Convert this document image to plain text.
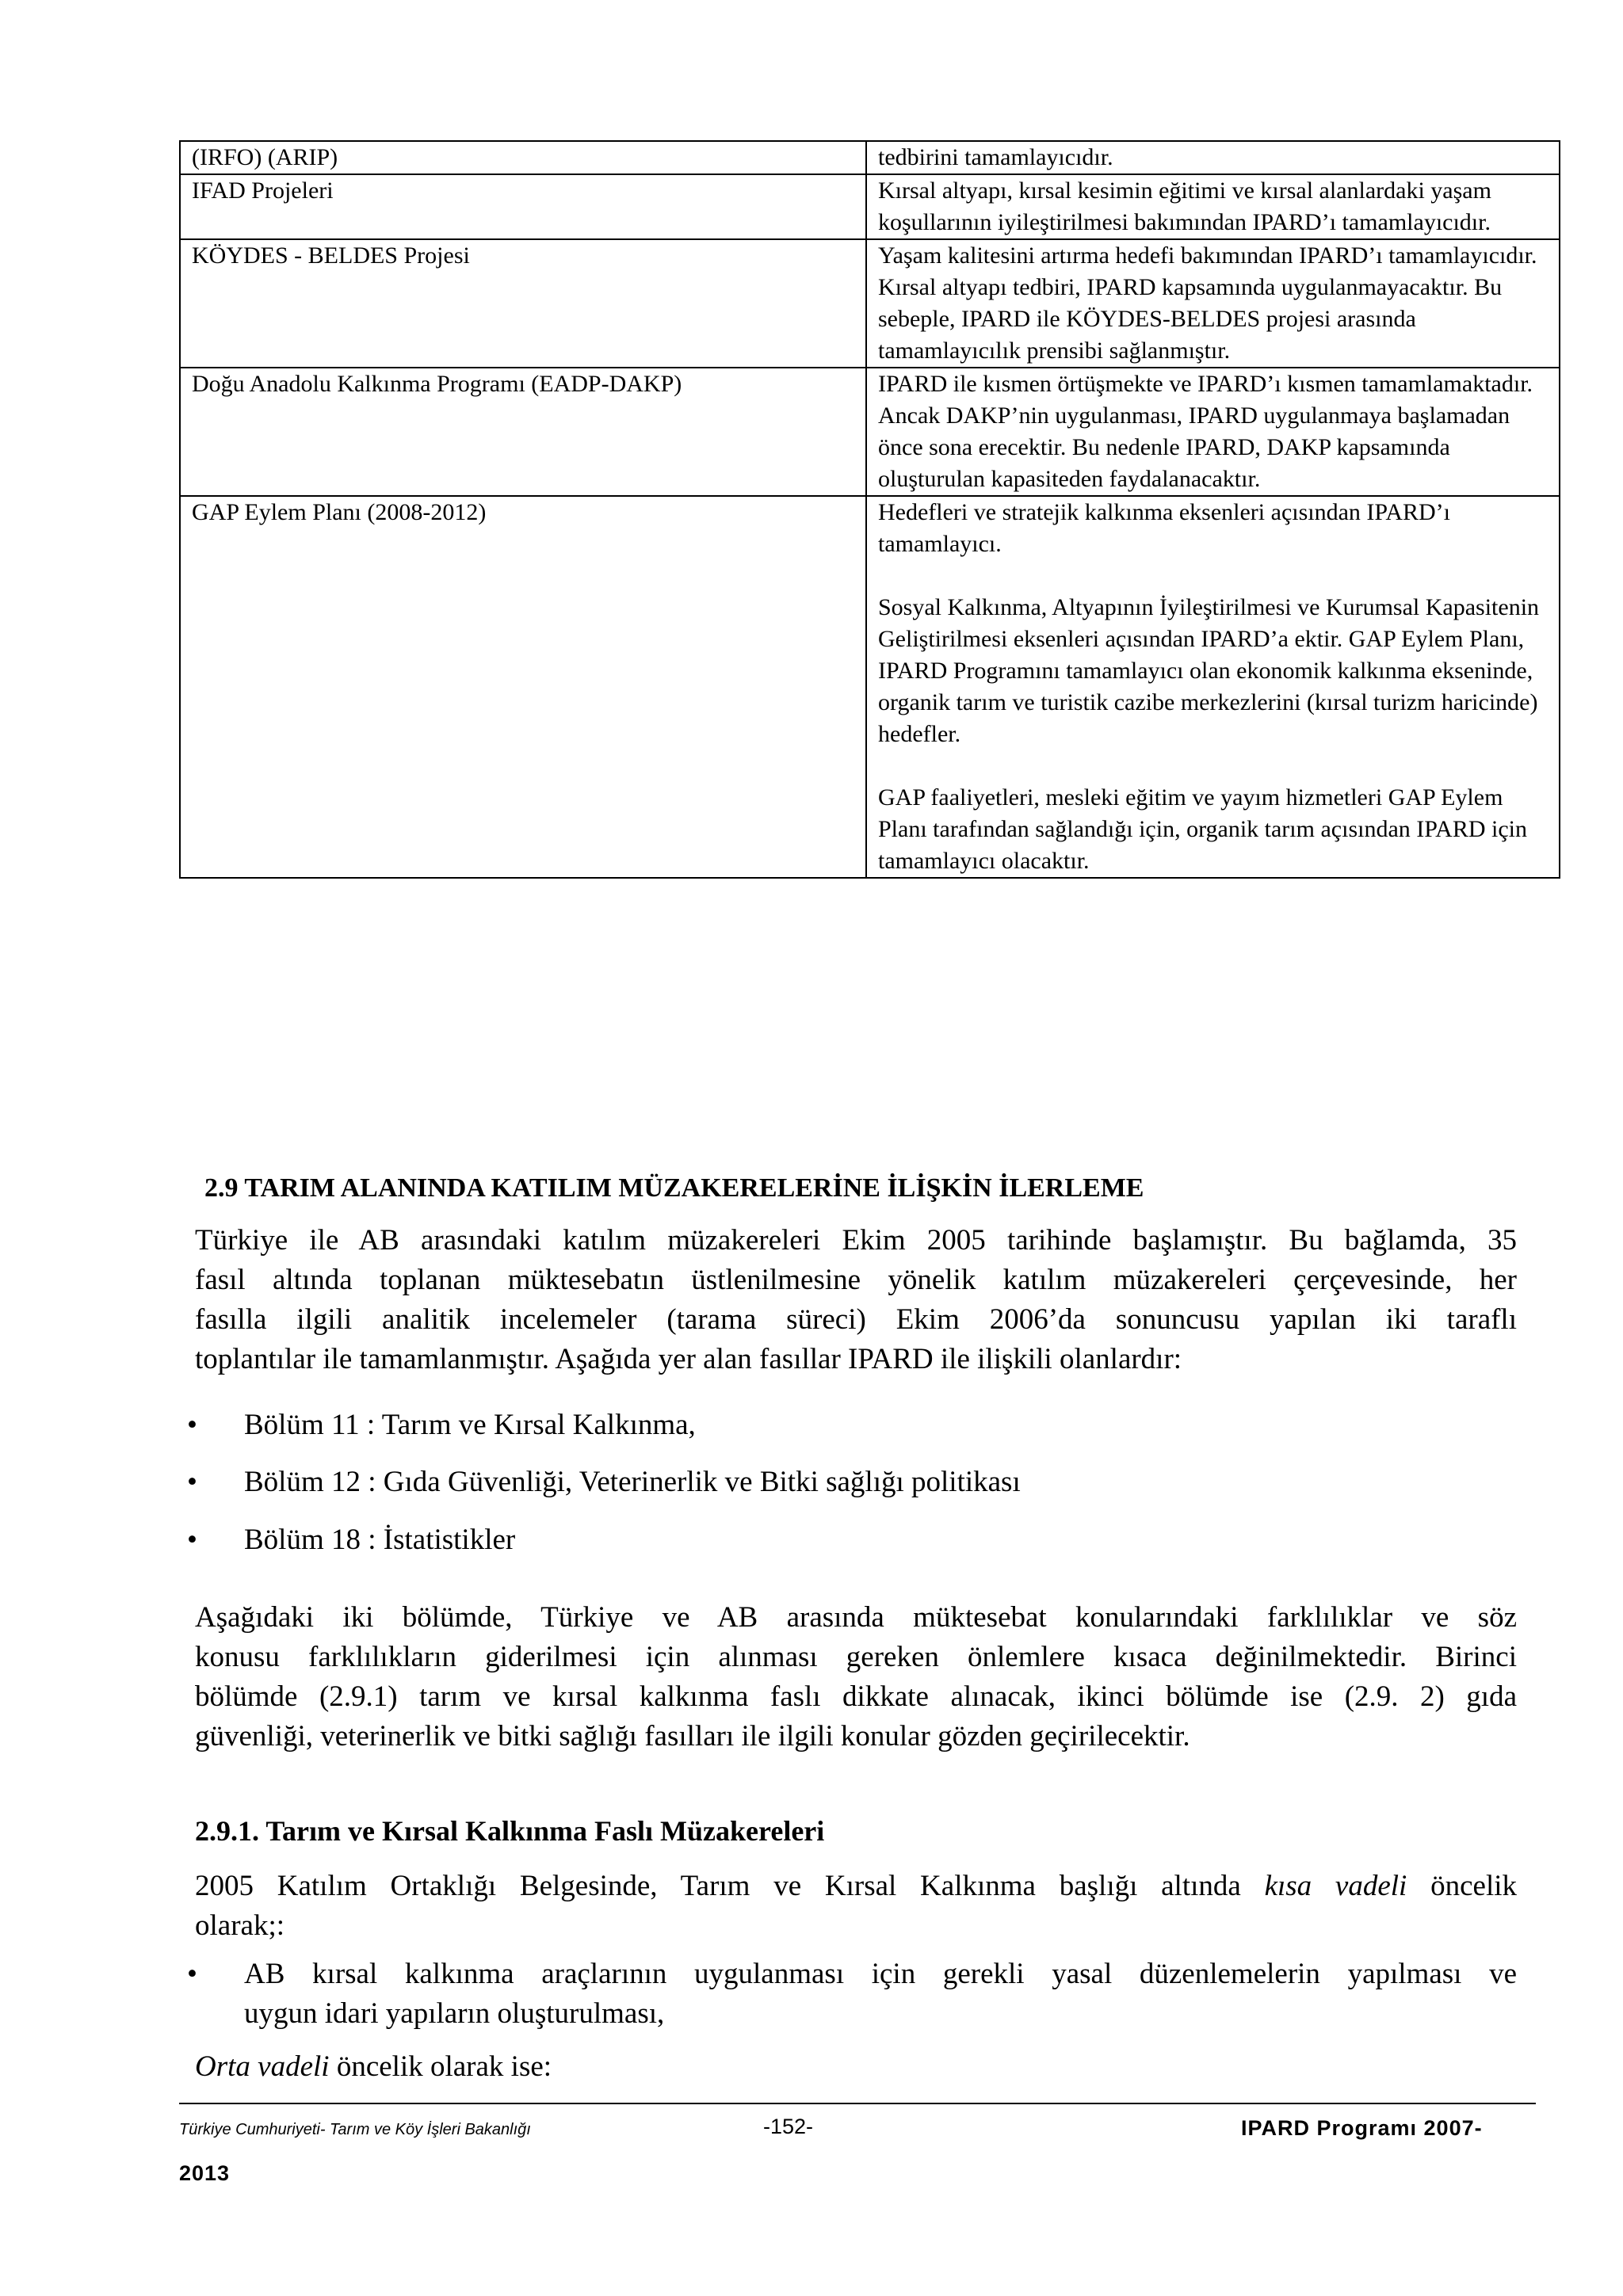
(IRFO) (ARIP)	tedbirini tamamlayıcıdır.

IFAD Projeleri	Kırsal altyapı, kırsal kesimin eğitimi ve kırsal alanlardaki yaşam koşullarının iyileştirilmesi bakımından IPARD’ı tamamlayıcıdır.

KÖYDES - BELDES Projesi	Yaşam kalitesini artırma hedefi bakımından IPARD’ı tamamlayıcıdır.
Kırsal altyapı tedbiri, IPARD kapsamında uygulanmayacaktır. Bu sebeple, IPARD ile KÖYDES-BELDES projesi arasında tamamlayıcılık prensibi sağlanmıştır.

Doğu Anadolu Kalkınma Programı (EADP-DAKP)	IPARD ile kısmen örtüşmekte ve IPARD’ı kısmen tamamlamaktadır.
Ancak DAKP’nin uygulanması, IPARD uygulanmaya başlamadan önce sona erecektir. Bu nedenle IPARD, DAKP kapsamında oluşturulan kapasiteden faydalanacaktır.

GAP Eylem Planı (2008-2012)	Hedefleri ve stratejik kalkınma eksenleri açısından IPARD’ı tamamlayıcı.
Sosyal Kalkınma, Altyapının İyileştirilmesi ve Kurumsal Kapasitenin Geliştirilmesi eksenleri açısından IPARD’a ektir. GAP Eylem Planı, IPARD Programını tamamlayıcı olan ekonomik kalkınma ekseninde, organik tarım ve turistik cazibe merkezlerini (kırsal turizm haricinde) hedefler.
GAP faaliyetleri, mesleki eğitim ve yayım hizmetleri GAP Eylem Planı tarafından sağlandığı için, organik tarım açısından IPARD için tamamlayıcı olacaktır.
2.9 TARIM ALANINDA KATILIM MÜZAKERELERİNE İLİŞKİN İLERLEME
Türkiye ile AB arasındaki katılım müzakereleri Ekim 2005 tarihinde başlamıştır. Bu bağlamda, 35
fasıl altında toplanan müktesebatın üstlenilmesine yönelik katılım müzakereleri çerçevesinde, her
fasılla ilgili analitik incelemeler (tarama süreci) Ekim 2006’da sonuncusu yapılan iki taraflı
toplantılar ile tamamlanmıştır. Aşağıda yer alan fasıllar IPARD ile ilişkili olanlardır:
• Bölüm 11 : Tarım ve Kırsal Kalkınma,
• Bölüm 12 : Gıda Güvenliği, Veterinerlik ve Bitki sağlığı politikası
• Bölüm 18 : İstatistikler
Aşağıdaki iki bölümde, Türkiye ve AB arasında müktesebat konularındaki farklılıklar ve söz
konusu farklılıkların giderilmesi için alınması gereken önlemlere kısaca değinilmektedir. Birinci
bölümde (2.9.1) tarım ve kırsal kalkınma faslı dikkate alınacak, ikinci bölümde ise (2.9. 2) gıda
güvenliği, veterinerlik ve bitki sağlığı fasılları ile ilgili konular gözden geçirilecektir.
2.9.1. Tarım ve Kırsal Kalkınma Faslı Müzakereleri
2005 Katılım Ortaklığı Belgesinde, Tarım ve Kırsal Kalkınma başlığı altında kısa vadeli öncelik
olarak;:
• AB kırsal kalkınma araçlarının uygulanması için gerekli yasal düzenlemelerin yapılması ve
uygun idari yapıların oluşturulması,
Orta vadeli öncelik olarak ise:
Türkiye Cumhuriyeti- Tarım ve Köy İşleri Bakanlığı	-152-	IPARD Programı 2007-
2013
